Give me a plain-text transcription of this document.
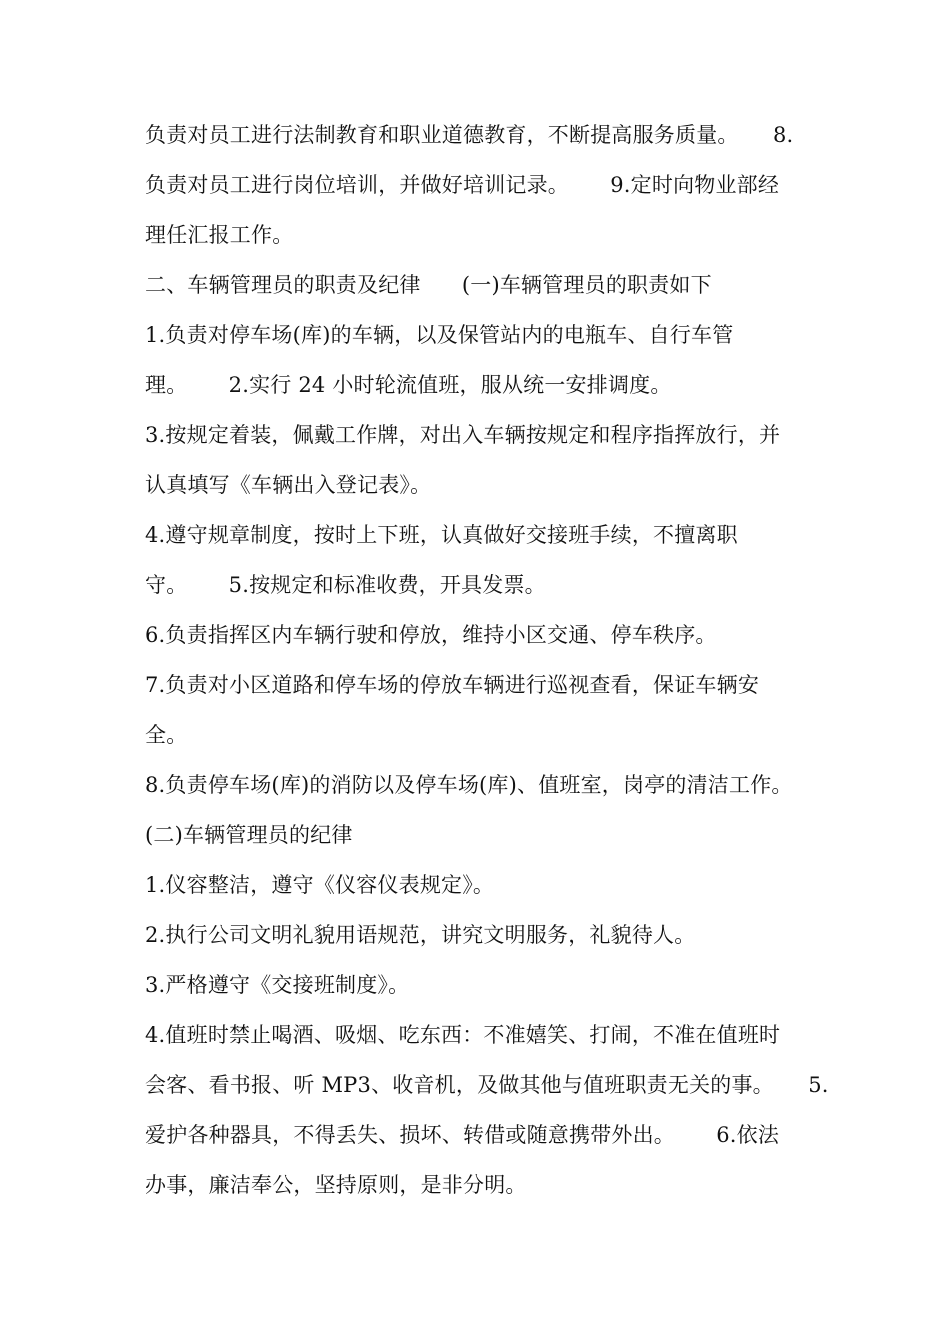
负责对员工进行法制教育和职业道德教育，不断提高服务质量。     8.
负责对员工进行岗位培训，并做好培训记录。      9.定时向物业部经
理任汇报工作。
二、车辆管理员的职责及纪律      (一)车辆管理员的职责如下
1.负责对停车场(库)的车辆，以及保管站内的电瓶车、自行车管
理。      2.实行 24 小时轮流值班，服从统一安排调度。
3.按规定着装，佩戴工作牌，对出入车辆按规定和程序指挥放行，并
认真填写《车辆出入登记表》。
4.遵守规章制度，按时上下班，认真做好交接班手续，不擅离职
守。      5.按规定和标准收费，开具发票。
6.负责指挥区内车辆行驶和停放，维持小区交通、停车秩序。
7.负责对小区道路和停车场的停放车辆进行巡视查看，保证车辆安
全。
8.负责停车场(库)的消防以及停车场(库)、值班室，岗亭的清洁工作。
(二)车辆管理员的纪律
1.仪容整洁，遵守《仪容仪表规定》。
2.执行公司文明礼貌用语规范，讲究文明服务，礼貌待人。
3.严格遵守《交接班制度》。
4.值班时禁止喝酒、吸烟、吃东西：不准嬉笑、打闹，不准在值班时
会客、看书报、听 MP3、收音机，及做其他与值班职责无关的事。     5.
爱护各种器具，不得丢失、损坏、转借或随意携带外出。      6.依法
办事，廉洁奉公，坚持原则，是非分明。
